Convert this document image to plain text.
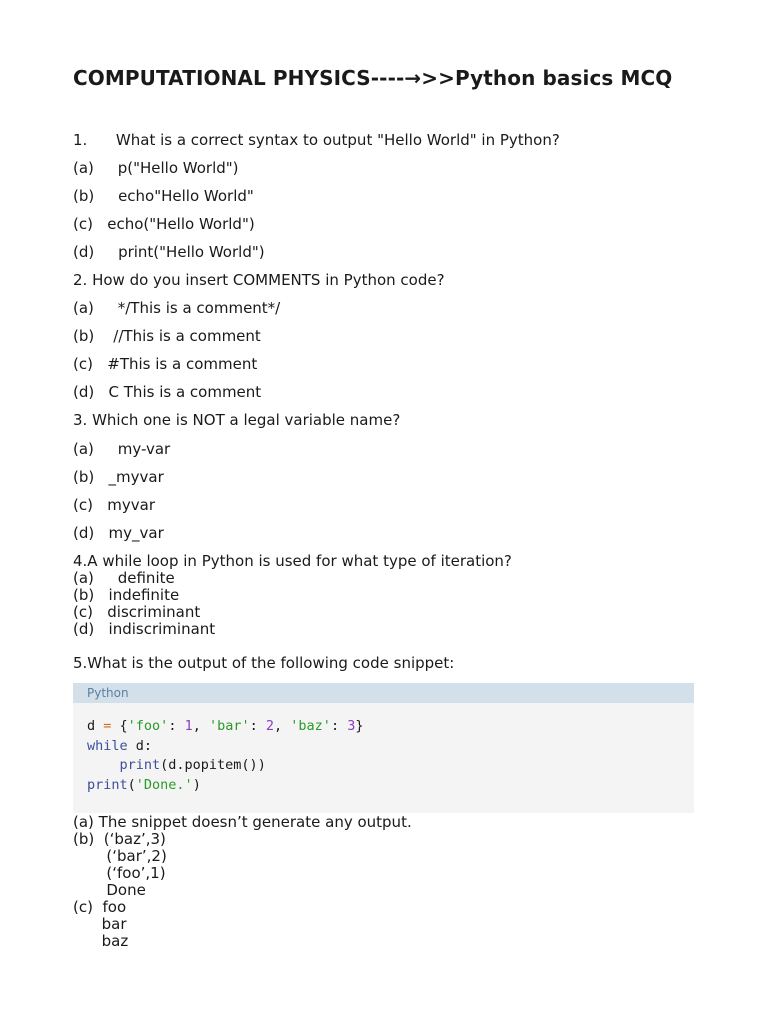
COMPUTATIONAL PHYSICS----→>>Python basics MCQ
1.      What is a correct syntax to output "Hello World" in Python?
(a)     p("Hello World")
(b)     echo"Hello World"
(c)   echo("Hello World")
(d)     print("Hello World")
2. How do you insert COMMENTS in Python code?
(a)     */This is a comment*/
(b)    //This is a comment
(c)   #This is a comment
(d)   C This is a comment
3. Which one is NOT a legal variable name?
(a)     my-var
(b)   _myvar
(c)   myvar
(d)   my_var
4.A while loop in Python is used for what type of iteration?
(a)     definite
(b)   indefinite
(c)   discriminant
(d)   indiscriminant
5.What is the output of the following code snippet:
Python
d = {'foo': 1, 'bar': 2, 'baz': 3}
while d:
print(d.popitem())
print('Done.')
(a) The snippet doesn’t generate any output.
(b)  (‘baz’,3)
(‘bar’,2)
(‘foo’,1)
Done
(c)  foo
bar
baz
